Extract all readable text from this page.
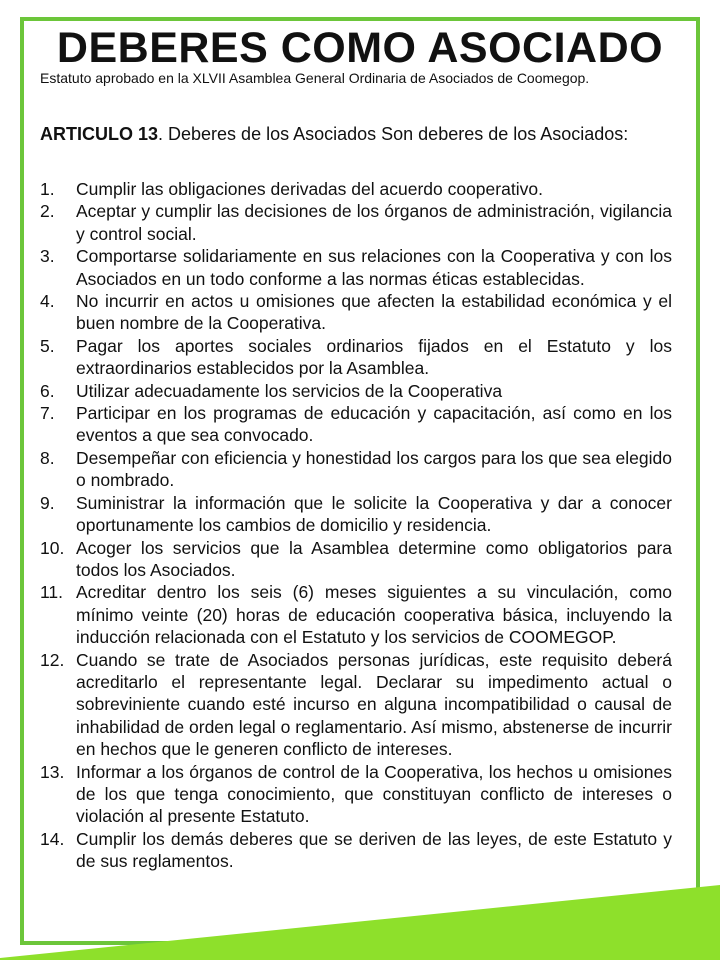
DEBERES COMO ASOCIADO

Estatuto aprobado en la XLVII Asamblea General Ordinaria de Asociados de Coomegop.

ARTICULO 13. Deberes de los Asociados Son deberes de los Asociados:

1. Cumplir las obligaciones derivadas del acuerdo cooperativo.
2. Aceptar y cumplir las decisiones de los órganos de administración, vigilancia y control social.
3. Comportarse solidariamente en sus relaciones con la Cooperativa y con los Asociados en un todo conforme a las normas éticas establecidas.
4. No incurrir en actos u omisiones que afecten la estabilidad económica y el buen nombre de la Cooperativa.
5. Pagar los aportes sociales ordinarios fijados en el Estatuto y los extraordinarios establecidos por la Asamblea.
6. Utilizar adecuadamente los servicios de la Cooperativa
7. Participar en los programas de educación y capacitación, así como en los eventos a que sea convocado.
8. Desempeñar con eficiencia y honestidad los cargos para los que sea elegido o nombrado.
9. Suministrar la información que le solicite la Cooperativa y dar a conocer oportunamente los cambios de domicilio y residencia.
10. Acoger los servicios que la Asamblea determine como obligatorios para todos los Asociados.
11. Acreditar dentro los seis (6) meses siguientes a su vinculación, como mínimo veinte (20) horas de educación cooperativa básica, incluyendo la inducción relacionada con el Estatuto y los servicios de COOMEGOP.
12. Cuando se trate de Asociados personas jurídicas, este requisito deberá acreditarlo el representante legal. Declarar su impedimento actual o sobreviniente cuando esté incurso en alguna incompatibilidad o causal de inhabilidad de orden legal o reglamentario. Así mismo, abstenerse de incurrir en hechos que le generen conflicto de intereses.
13. Informar a los órganos de control de la Cooperativa, los hechos u omisiones de los que tenga conocimiento, que constituyan conflicto de intereses o violación al presente Estatuto.
14. Cumplir los demás deberes que se deriven de las leyes, de este Estatuto y de sus reglamentos.
